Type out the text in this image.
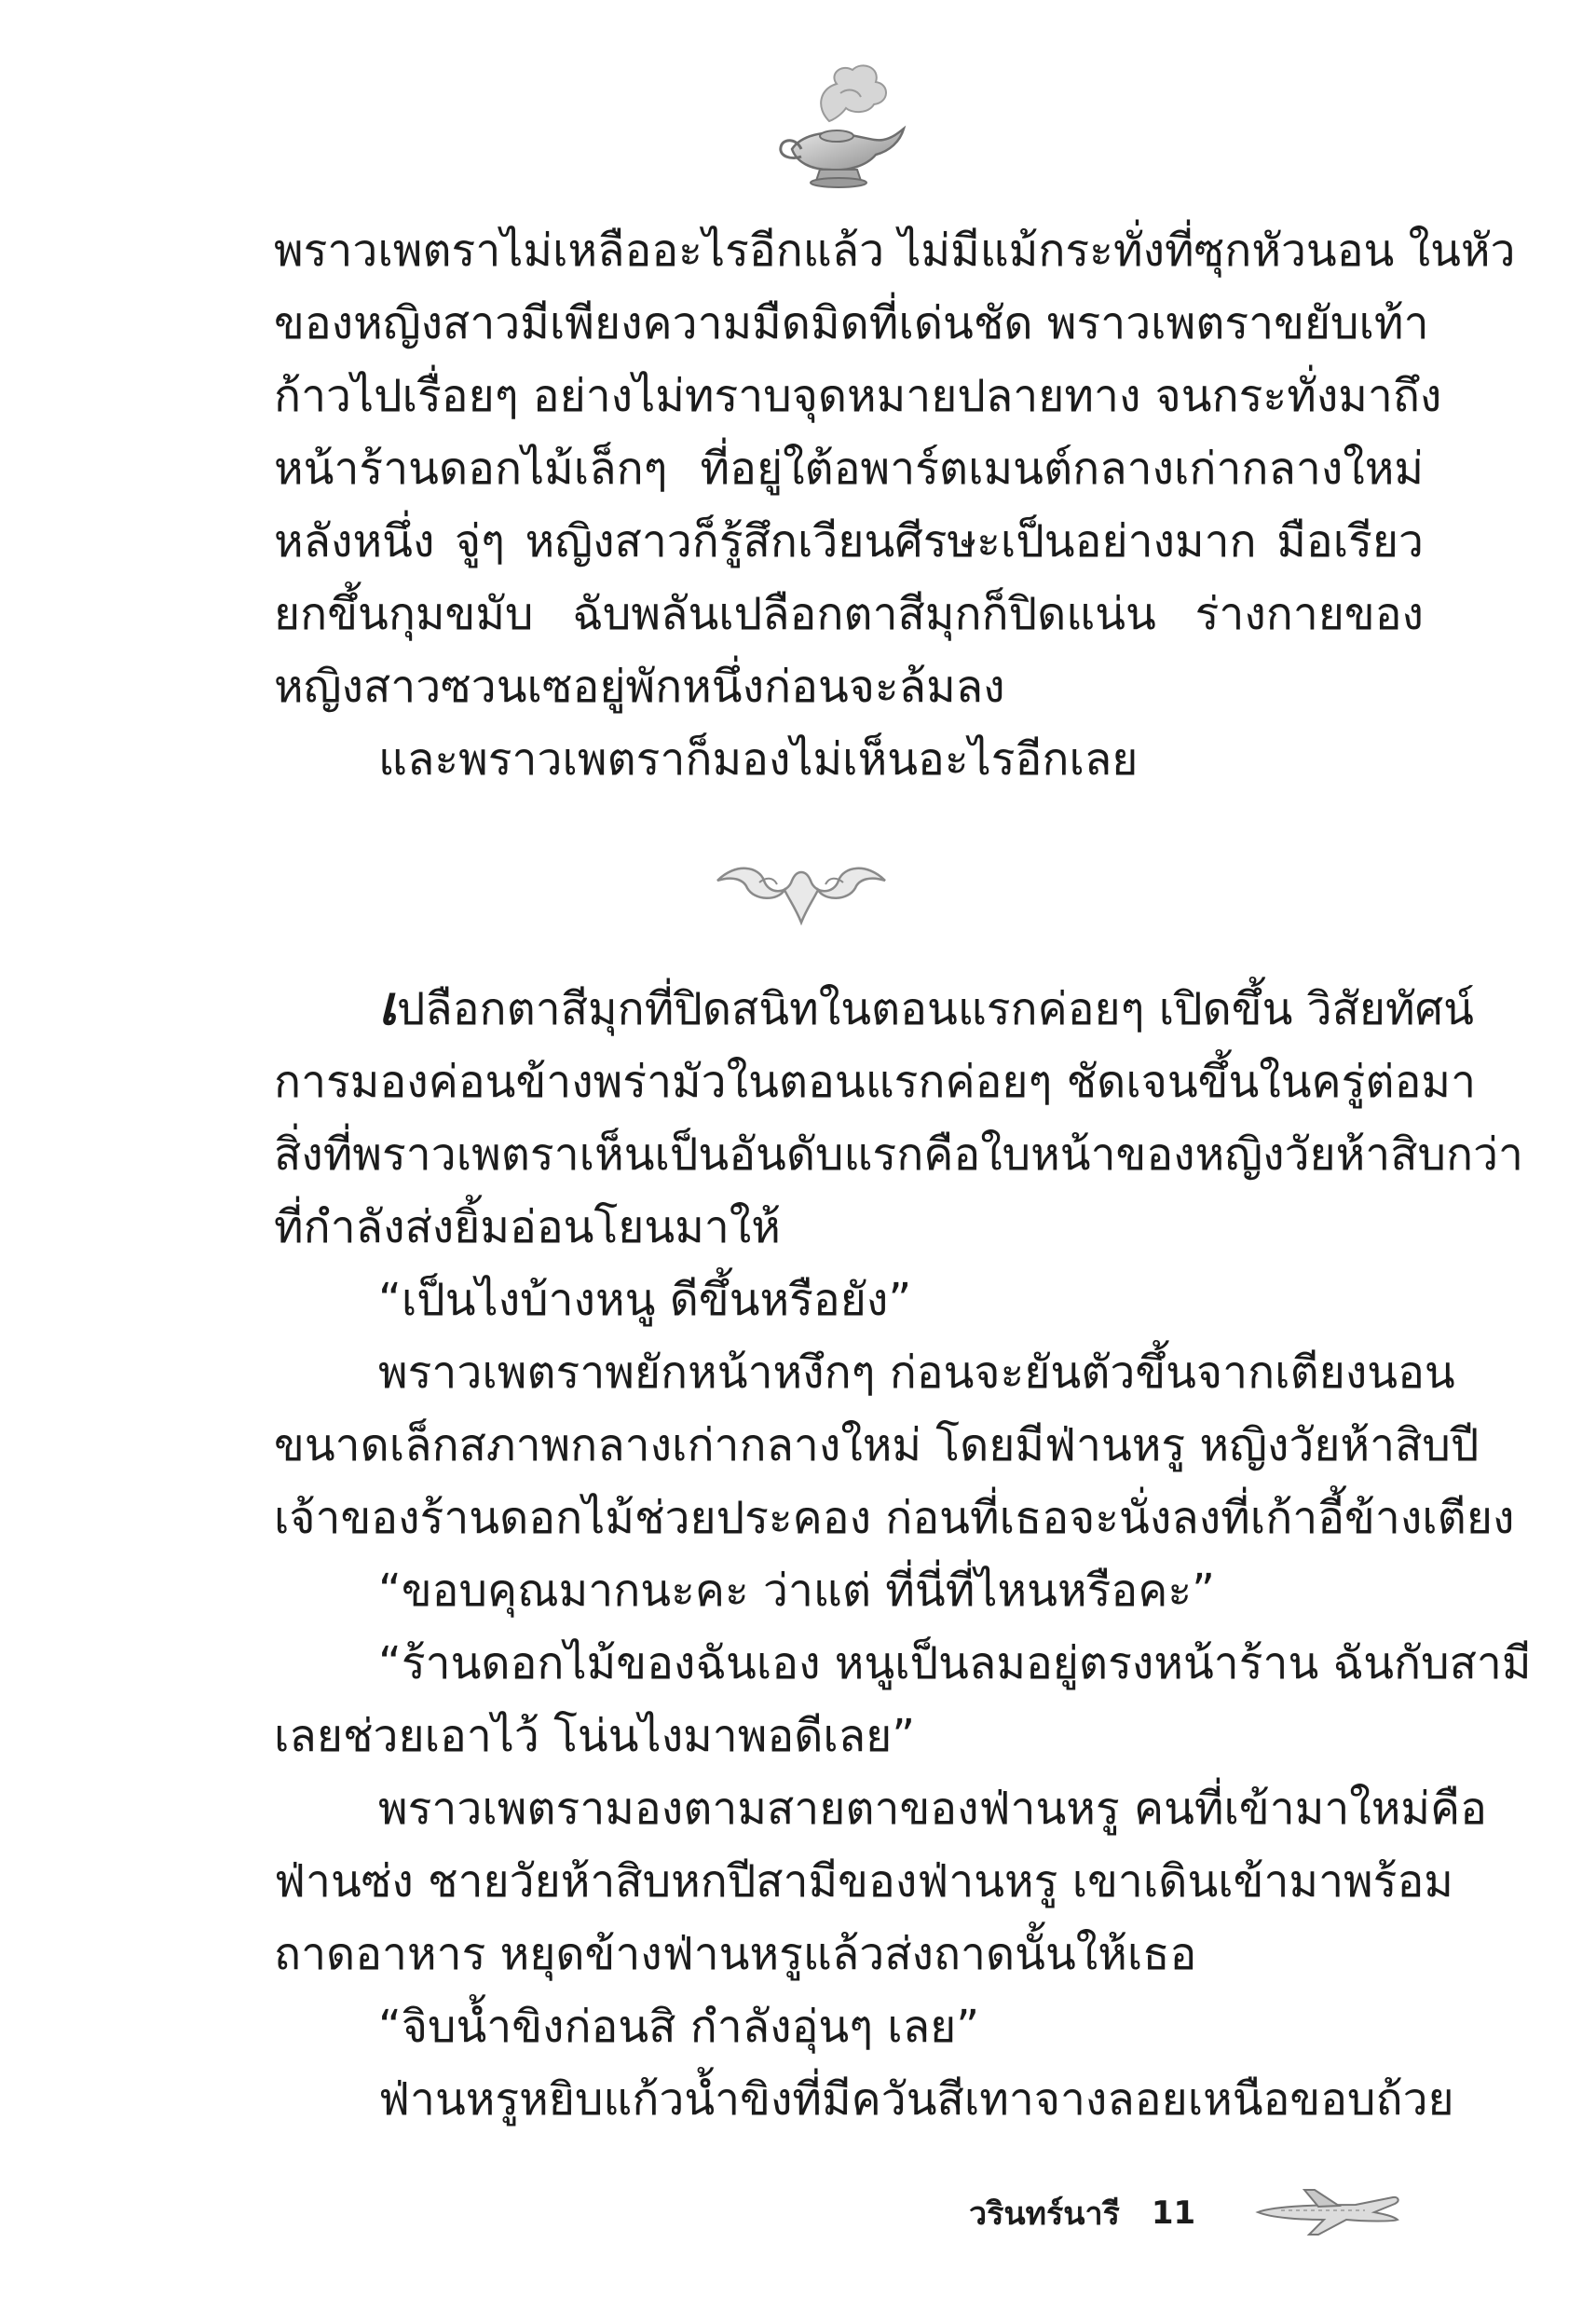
พราวเพตราไม่เหลืออะไรอีกแล้ว ไม่มีแม้กระทั่งที่ซุกหัวนอน ในหัว
ของหญิงสาวมีเพียงความมืดมิดที่เด่นชัด พราวเพตราขยับเท้า
ก้าวไปเรื่อยๆ อย่างไม่ทราบจุดหมายปลายทาง จนกระทั่งมาถึง
หน้าร้านดอกไม้เล็กๆ ที่อยู่ใต้อพาร์ตเมนต์กลางเก่ากลางใหม่
หลังหนึ่ง จู่ๆ หญิงสาวก็รู้สึกเวียนศีรษะเป็นอย่างมาก มือเรียว
ยกขึ้นกุมขมับ ฉับพลันเปลือกตาสีมุกก็ปิดแน่น ร่างกายของ
หญิงสาวซวนเซอยู่พักหนึ่งก่อนจะล้มลง

และพราวเพตราก็มองไม่เห็นอะไรอีกเลย

เปลือกตาสีมุกที่ปิดสนิทในตอนแรกค่อยๆ เปิดขึ้น วิสัยทัศน์
การมองค่อนข้างพร่ามัวในตอนแรกค่อยๆ ชัดเจนขึ้นในครู่ต่อมา
สิ่งที่พราวเพตราเห็นเป็นอันดับแรกคือใบหน้าของหญิงวัยห้าสิบกว่า
ที่กำลังส่งยิ้มอ่อนโยนมาให้

“เป็นไงบ้างหนู ดีขึ้นหรือยัง”

พราวเพตราพยักหน้าหงึกๆ ก่อนจะยันตัวขึ้นจากเตียงนอน
ขนาดเล็กสภาพกลางเก่ากลางใหม่ โดยมีฟ่านหรู หญิงวัยห้าสิบปี
เจ้าของร้านดอกไม้ช่วยประคอง ก่อนที่เธอจะนั่งลงที่เก้าอี้ข้างเตียง

“ขอบคุณมากนะคะ ว่าแต่ ที่นี่ที่ไหนหรือคะ”

“ร้านดอกไม้ของฉันเอง หนูเป็นลมอยู่ตรงหน้าร้าน ฉันกับสามี
เลยช่วยเอาไว้ โน่นไงมาพอดีเลย”

พราวเพตรามองตามสายตาของฟ่านหรู คนที่เข้ามาใหม่คือ
ฟ่านซ่ง ชายวัยห้าสิบหกปีสามีของฟ่านหรู เขาเดินเข้ามาพร้อม
ถาดอาหาร หยุดข้างฟ่านหรูแล้วส่งถาดนั้นให้เธอ

“จิบน้ำขิงก่อนสิ กำลังอุ่นๆ เลย”

ฟ่านหรูหยิบแก้วน้ำขิงที่มีควันสีเทาจางลอยเหนือขอบถ้วย

วรินทร์นารี 11
